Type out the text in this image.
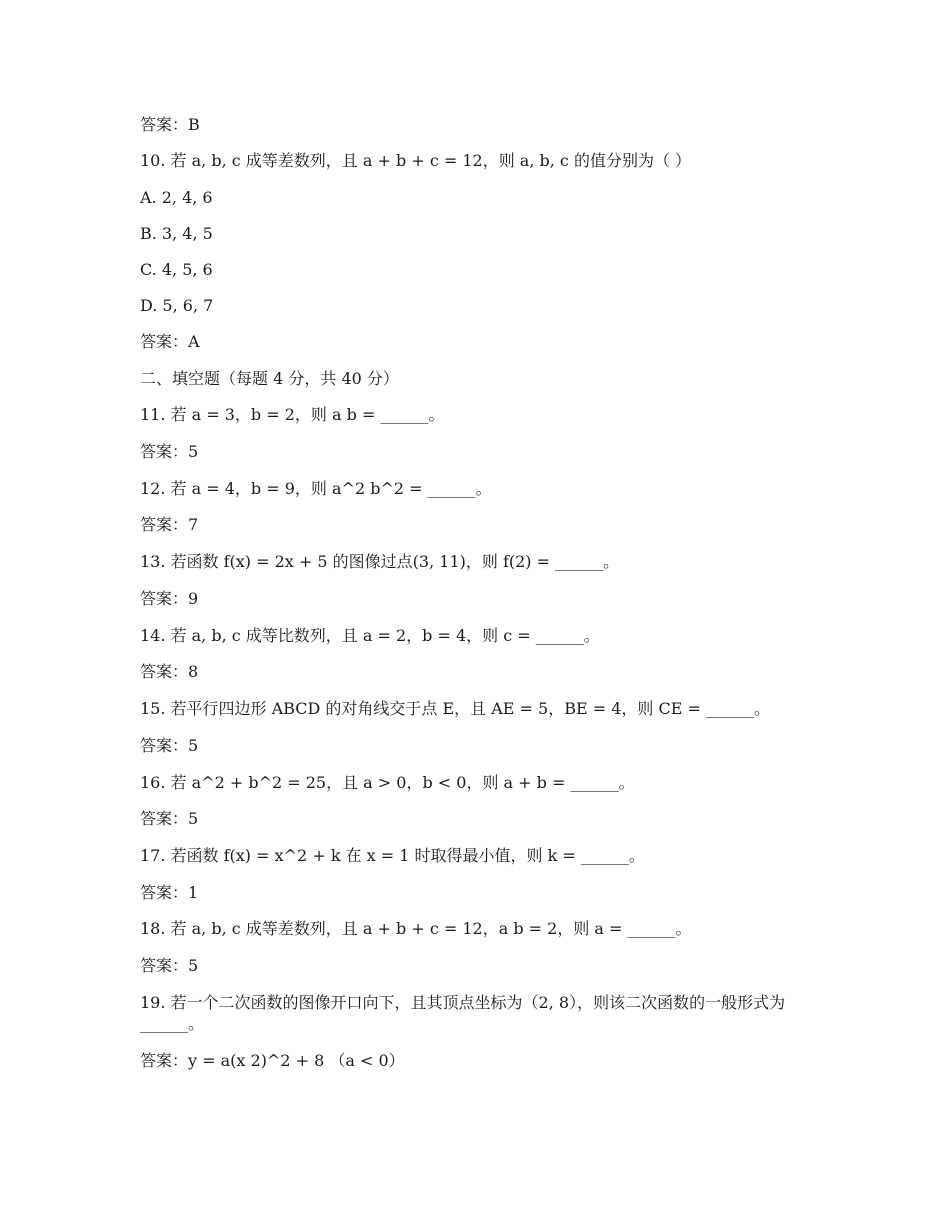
答案：B
10. 若 a, b, c 成等差数列，且 a + b + c = 12，则 a, b, c 的值分别为（ ）
A. 2, 4, 6
B. 3, 4, 5
C. 4, 5, 6
D. 5, 6, 7
答案：A
二、填空题（每题 4 分，共 40 分）
11. 若 a = 3，b = 2，则 a b = ______。
答案：5
12. 若 a = 4，b = 9，则 a^2 b^2 = ______。
答案：7
13. 若函数 f(x) = 2x + 5 的图像过点(3, 11)，则 f(2) = ______。
答案：9
14. 若 a, b, c 成等比数列，且 a = 2，b = 4，则 c = ______。
答案：8
15. 若平行四边形 ABCD 的对角线交于点 E，且 AE = 5，BE = 4，则 CE = ______。
答案：5
16. 若 a^2 + b^2 = 25，且 a > 0，b < 0，则 a + b = ______。
答案：5
17. 若函数 f(x) = x^2 + k 在 x = 1 时取得最小值，则 k = ______。
答案：1
18. 若 a, b, c 成等差数列，且 a + b + c = 12，a b = 2，则 a = ______。
答案：5
19. 若一个二次函数的图像开口向下，且其顶点坐标为（2, 8），则该二次函数的一般形式为 ______。
答案：y = a(x 2)^2 + 8 （a < 0）
